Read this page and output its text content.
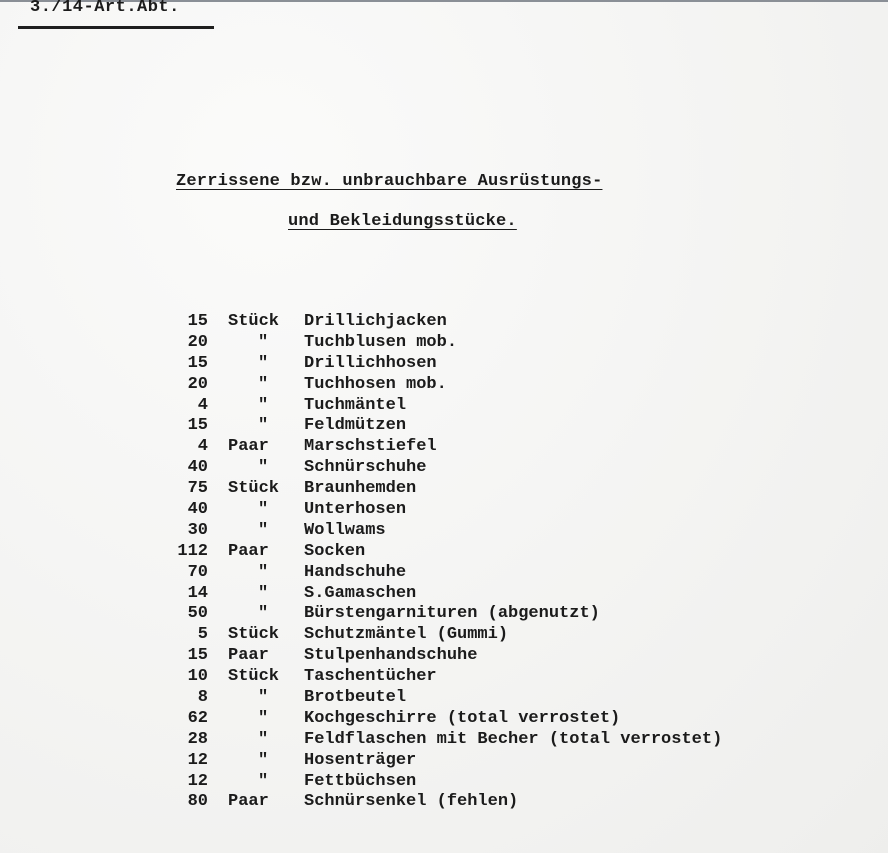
3./14-Art.Abt.
Zerrissene bzw. unbrauchbare Ausrüstungs-
und Bekleidungsstücke.
15 Stück	Drillichjacken
20	"	Tuchblusen mob.
15	"	Drillichhosen
20	"	Tuchhosen mob.
4	"	Tuchmäntel
15	"	Feldmützen
4 Paar	Marschstiefel
40	"	Schnürschuhe
75 Stück	Braunhemden
40	"	Unterhosen
30	"	Wollwams
112 Paar	Socken
70	"	Handschuhe
14	"	S.Gamaschen
50	"	Bürstengarnituren (abgenutzt)
5 Stück	Schutzmäntel (Gummi)
15 Paar	Stulpenhandschuhe
10 Stück	Taschentücher
8	"	Brotbeutel
62	"	Kochgeschirre (total verrostet)
28	"	Feldflaschen mit Becher (total verrostet)
12	"	Hosenträger
12	"	Fettbüchsen
80 Paar	Schnürsenkel (fehlen)
